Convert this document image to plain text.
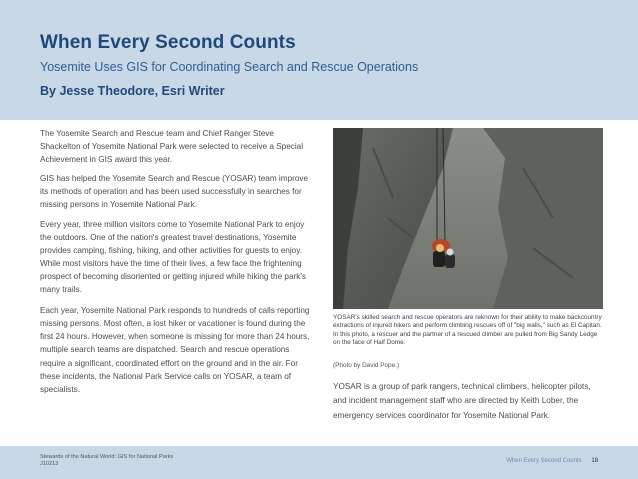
When Every Second Counts
Yosemite Uses GIS for Coordinating Search and Rescue Operations
By Jesse Theodore, Esri Writer

The Yosemite Search and Rescue team and Chief Ranger Steve Shackelton of Yosemite National Park were selected to receive a Special Achievement in GIS award this year.

GIS has helped the Yosemite Search and Rescue (YOSAR) team improve its methods of operation and has been used successfully in searches for missing persons in Yosemite National Park.

Every year, three million visitors come to Yosemite National Park to enjoy the outdoors. One of the nation's greatest travel destinations, Yosemite provides camping, fishing, hiking, and other activities for guests to enjoy. While most visitors have the time of their lives, a few face the frightening prospect of becoming disoriented or getting injured while hiking the park's many trails.

Each year, Yosemite National Park responds to hundreds of calls reporting missing persons. Most often, a lost hiker or vacationer is found during the first 24 hours. However, when someone is missing for more than 24 hours, multiple search teams are dispatched. Search and rescue operations require a significant, coordinated effort on the ground and in the air. For these incidents, the National Park Service calls on YOSAR, a team of specialists.

YOSAR's skilled search and rescue operators are reknown for their ability to make backcountry extractions of injured hikers and perform climbing rescues off of "big walls," such as El Capitan. In this photo, a rescuer and the partner of a rescued climber are pulled from Big Sandy Ledge on the face of Half Dome.
(Photo by David Pope.)
YOSAR is a group of park rangers, technical climbers, helicopter pilots, and incident management staff who are directed by Keith Lober, the emergency services coordinator for Yosemite National Park.
Stewards of the Natural World: GIS for National Parks
J10213	When Every Second Counts 18
